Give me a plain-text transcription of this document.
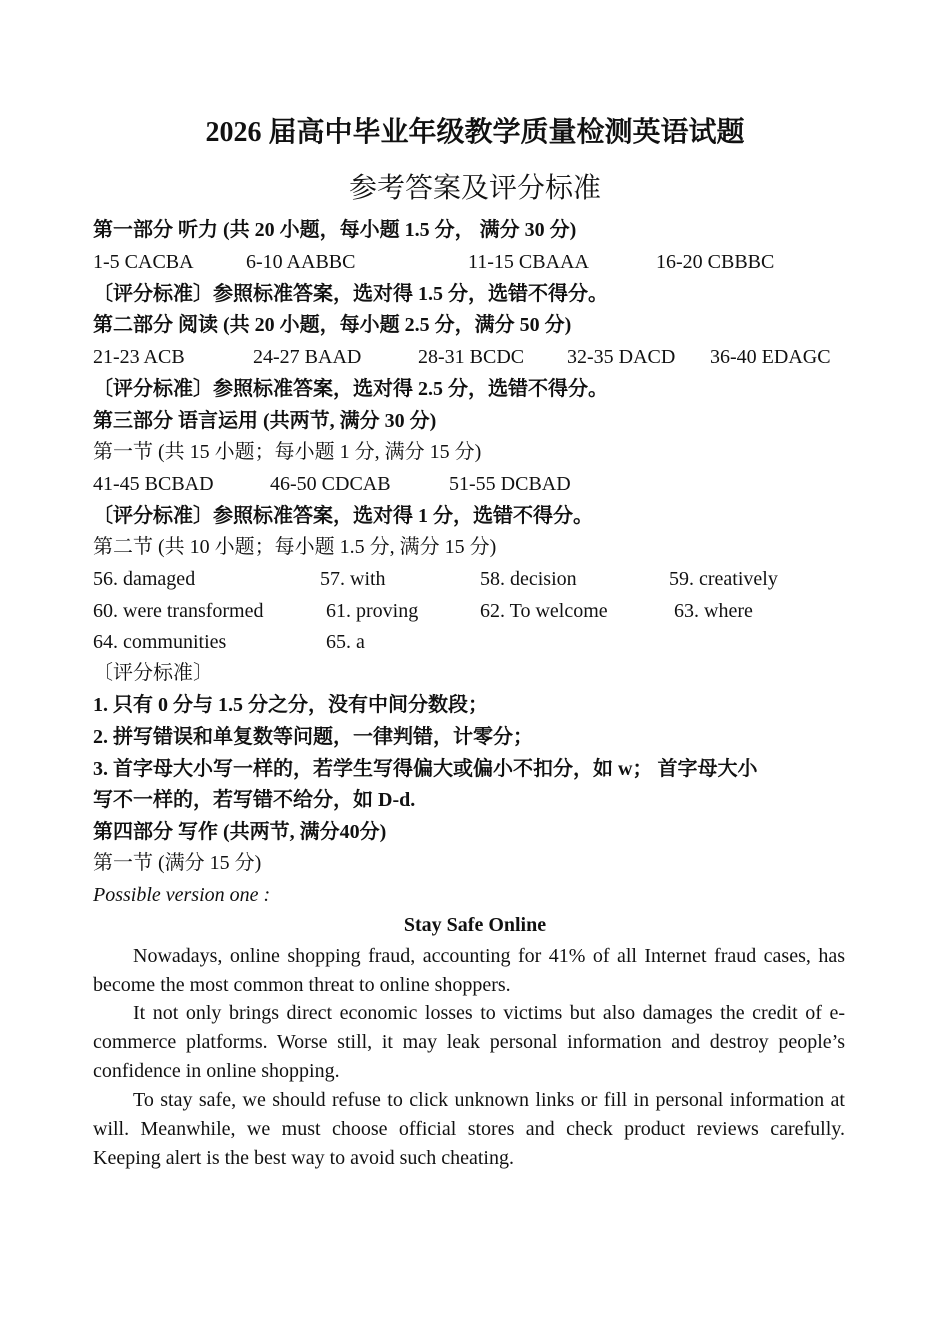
2026 届高中毕业年级教学质量检测英语试题
参考答案及评分标准
第一部分 听力 (共 20 小题，每小题 1.5 分， 满分 30 分)
1-5 CACBA	6-10 AABBC	11-15 CBAAA	16-20 CBBBC
〔评分标准〕参照标准答案，选对得 1.5 分，选错不得分。
第二部分 阅读 (共 20 小题，每小题 2.5 分，满分 50 分)
21-23 ACB	24-27 BAAD	28-31 BCDC 32-35 DACD 36-40 EDAGC
〔评分标准〕参照标准答案，选对得 2.5 分，选错不得分。
第三部分 语言运用 (共两节, 满分 30 分)
第一节 (共 15 小题；每小题 1 分, 满分 15 分)
41-45 BCBAD	46-50 CDCAB	51-55 DCBAD
〔评分标准〕参照标准答案，选对得 1 分，选错不得分。
第二节 (共 10 小题；每小题 1.5 分, 满分 15 分)
56. damaged	57. with	58. decision	59. creatively
60. were transformed	61. proving	62. To welcome	63. where
64. communities	65. a
〔评分标准〕
1. 只有 0 分与 1.5 分之分，没有中间分数段；
2. 拼写错误和单复数等问题，一律判错，计零分；
3. 首字母大小写一样的，若学生写得偏大或偏小不扣分，如 w； 首字母大小
写不一样的，若写错不给分，如 D-d.
第四部分 写作 (共两节, 满分40分)
第一节 (满分 15 分)
Possible version one :
Stay Safe Online
Nowadays, online shopping fraud, accounting for 41% of all Internet fraud cases, has become the most common threat to online shoppers.
It not only brings direct economic losses to victims but also damages the credit of e-commerce platforms. Worse still, it may leak personal information and destroy people’s confidence in online shopping.
To stay safe, we should refuse to click unknown links or fill in personal information at will. Meanwhile, we must choose official stores and check product reviews carefully. Keeping alert is the best way to avoid such cheating.
